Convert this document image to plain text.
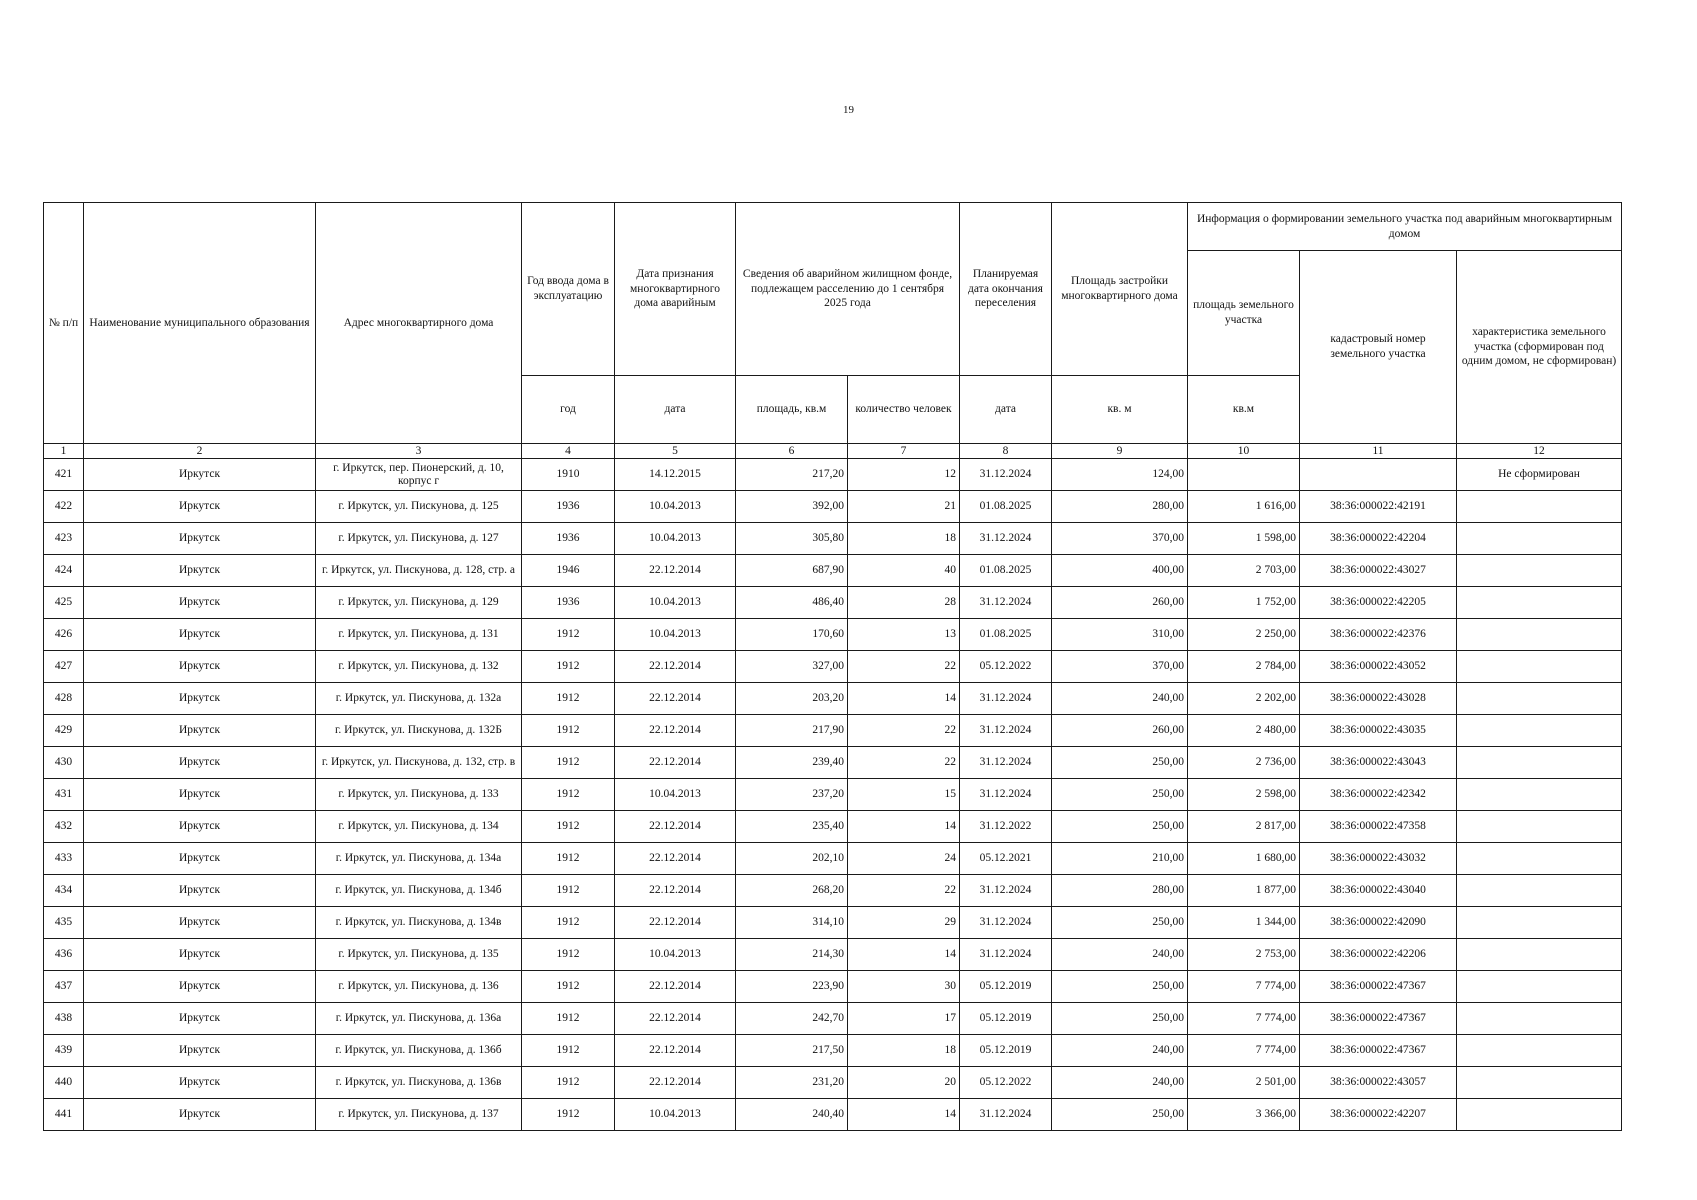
19
№ п/п	Наименование муниципального образования	Адрес многоквартирного дома	Год ввода дома в эксплуатацию	Дата признания многоквартирного дома аварийным	Сведения об аварийном жилищном фонде, подлежащем расселению до 1 сентября 2025 года		Планируемая дата окончания переселения	Площадь застройки многоквартирного дома	Информация о формировании земельного участка под аварийным многоквартирным домом		
									площадь земельного участка	кадастровый номер земельного участка	характеристика земельного участка (сформирован под одним домом, не сформирован)
			год	дата	площадь, кв.м	количество человек	дата	кв. м	кв.м		
1	2	3	4	5	6	7	8	9	10	11	12
421	Иркутск	г. Иркутск, пер. Пионерский, д. 10, корпус г	1910	14.12.2015	217,20	12	31.12.2024	124,00			Не сформирован
422	Иркутск	г. Иркутск, ул. Пискунова, д. 125	1936	10.04.2013	392,00	21	01.08.2025	280,00	1 616,00	38:36:000022:42191	
423	Иркутск	г. Иркутск, ул. Пискунова, д. 127	1936	10.04.2013	305,80	18	31.12.2024	370,00	1 598,00	38:36:000022:42204	
424	Иркутск	г. Иркутск, ул. Пискунова, д. 128, стр. а	1946	22.12.2014	687,90	40	01.08.2025	400,00	2 703,00	38:36:000022:43027	
425	Иркутск	г. Иркутск, ул. Пискунова, д. 129	1936	10.04.2013	486,40	28	31.12.2024	260,00	1 752,00	38:36:000022:42205	
426	Иркутск	г. Иркутск, ул. Пискунова, д. 131	1912	10.04.2013	170,60	13	01.08.2025	310,00	2 250,00	38:36:000022:42376	
427	Иркутск	г. Иркутск, ул. Пискунова, д. 132	1912	22.12.2014	327,00	22	05.12.2022	370,00	2 784,00	38:36:000022:43052	
428	Иркутск	г. Иркутск, ул. Пискунова, д. 132а	1912	22.12.2014	203,20	14	31.12.2024	240,00	2 202,00	38:36:000022:43028	
429	Иркутск	г. Иркутск, ул. Пискунова, д. 132Б	1912	22.12.2014	217,90	22	31.12.2024	260,00	2 480,00	38:36:000022:43035	
430	Иркутск	г. Иркутск, ул. Пискунова, д. 132, стр. в	1912	22.12.2014	239,40	22	31.12.2024	250,00	2 736,00	38:36:000022:43043	
431	Иркутск	г. Иркутск, ул. Пискунова, д. 133	1912	10.04.2013	237,20	15	31.12.2024	250,00	2 598,00	38:36:000022:42342	
432	Иркутск	г. Иркутск, ул. Пискунова, д. 134	1912	22.12.2014	235,40	14	31.12.2022	250,00	2 817,00	38:36:000022:47358	
433	Иркутск	г. Иркутск, ул. Пискунова, д. 134а	1912	22.12.2014	202,10	24	05.12.2021	210,00	1 680,00	38:36:000022:43032	
434	Иркутск	г. Иркутск, ул. Пискунова, д. 134б	1912	22.12.2014	268,20	22	31.12.2024	280,00	1 877,00	38:36:000022:43040	
435	Иркутск	г. Иркутск, ул. Пискунова, д. 134в	1912	22.12.2014	314,10	29	31.12.2024	250,00	1 344,00	38:36:000022:42090	
436	Иркутск	г. Иркутск, ул. Пискунова, д. 135	1912	10.04.2013	214,30	14	31.12.2024	240,00	2 753,00	38:36:000022:42206	
437	Иркутск	г. Иркутск, ул. Пискунова, д. 136	1912	22.12.2014	223,90	30	05.12.2019	250,00	7 774,00	38:36:000022:47367	
438	Иркутск	г. Иркутск, ул. Пискунова, д. 136а	1912	22.12.2014	242,70	17	05.12.2019	250,00	7 774,00	38:36:000022:47367	
439	Иркутск	г. Иркутск, ул. Пискунова, д. 136б	1912	22.12.2014	217,50	18	05.12.2019	240,00	7 774,00	38:36:000022:47367	
440	Иркутск	г. Иркутск, ул. Пискунова, д. 136в	1912	22.12.2014	231,20	20	05.12.2022	240,00	2 501,00	38:36:000022:43057	
441	Иркутск	г. Иркутск, ул. Пискунова, д. 137	1912	10.04.2013	240,40	14	31.12.2024	250,00	3 366,00	38:36:000022:42207	
